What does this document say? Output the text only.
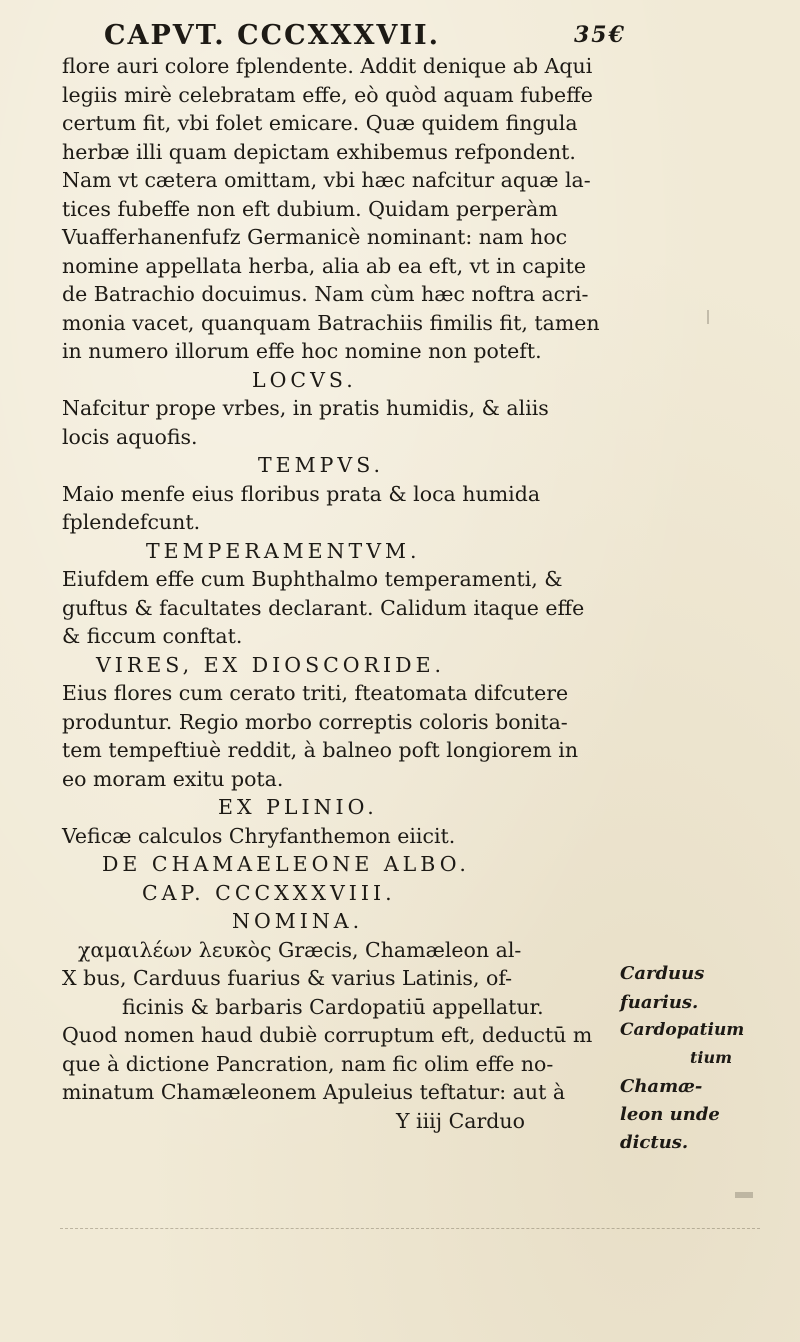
CAPVT. CCCXXXVII.	35€
flore auri colore fplendente. Addit denique ab Aqui
legiis mirè celebratam effe, eò quòd aquam fubeffe
certum fit, vbi folet emicare. Quæ quidem fingula
herbæ illi quam depictam exhibemus refpondent.
Nam vt cætera omittam, vbi hæc nafcitur aquæ la-
tices fubeffe non eft dubium. Quidam perperàm
Vuafferhanenfufz Germanicè nominant: nam hoc
nomine appellata herba, alia ab ea eft, vt in capite
de Batrachio docuimus. Nam cùm hæc noftra acri-
monia vacet, quanquam Batrachiis fimilis fit, tamen
in numero illorum effe hoc nomine non poteft.
LOCVS.
Nafcitur prope vrbes, in pratis humidis, & aliis
locis aquofis.
TEMPVS.
Maio menfe eius floribus prata & loca humida
fplendefcunt.
TEMPERAMENTVM.
Eiufdem effe cum Buphthalmo temperamenti, &
guftus & facultates declarant. Calidum itaque effe
& ficcum conftat.
VIRES, EX DIOSCORIDE.
Eius flores cum cerato triti, fteatomata difcutere
produntur. Regio morbo correptis coloris bonita-
tem tempeftiuè reddit, à balneo poft longiorem in
eo moram exitu pota.
EX PLINIO.
Veficæ calculos Chryfanthemon eiicit.
DE CHAMAELEONE ALBO.
CAP. CCCXXXVIII.
NOMINA.
χαμαιλέων λευκὸς Græcis, Chamæleon al-
X bus, Carduus fuarius & varius Latinis, of-
ficinis & barbaris Cardopatiū appellatur.
Quod nomen haud dubiè corruptum eft, deductū m
que à dictione Pancration, nam fic olim effe no-
minatum Chamæleonem Apuleius teftatur: aut à
Y iiij Carduo
Carduus
fuarius.
Cardopatium
tium
Chamæ-
leon unde
dictus.
